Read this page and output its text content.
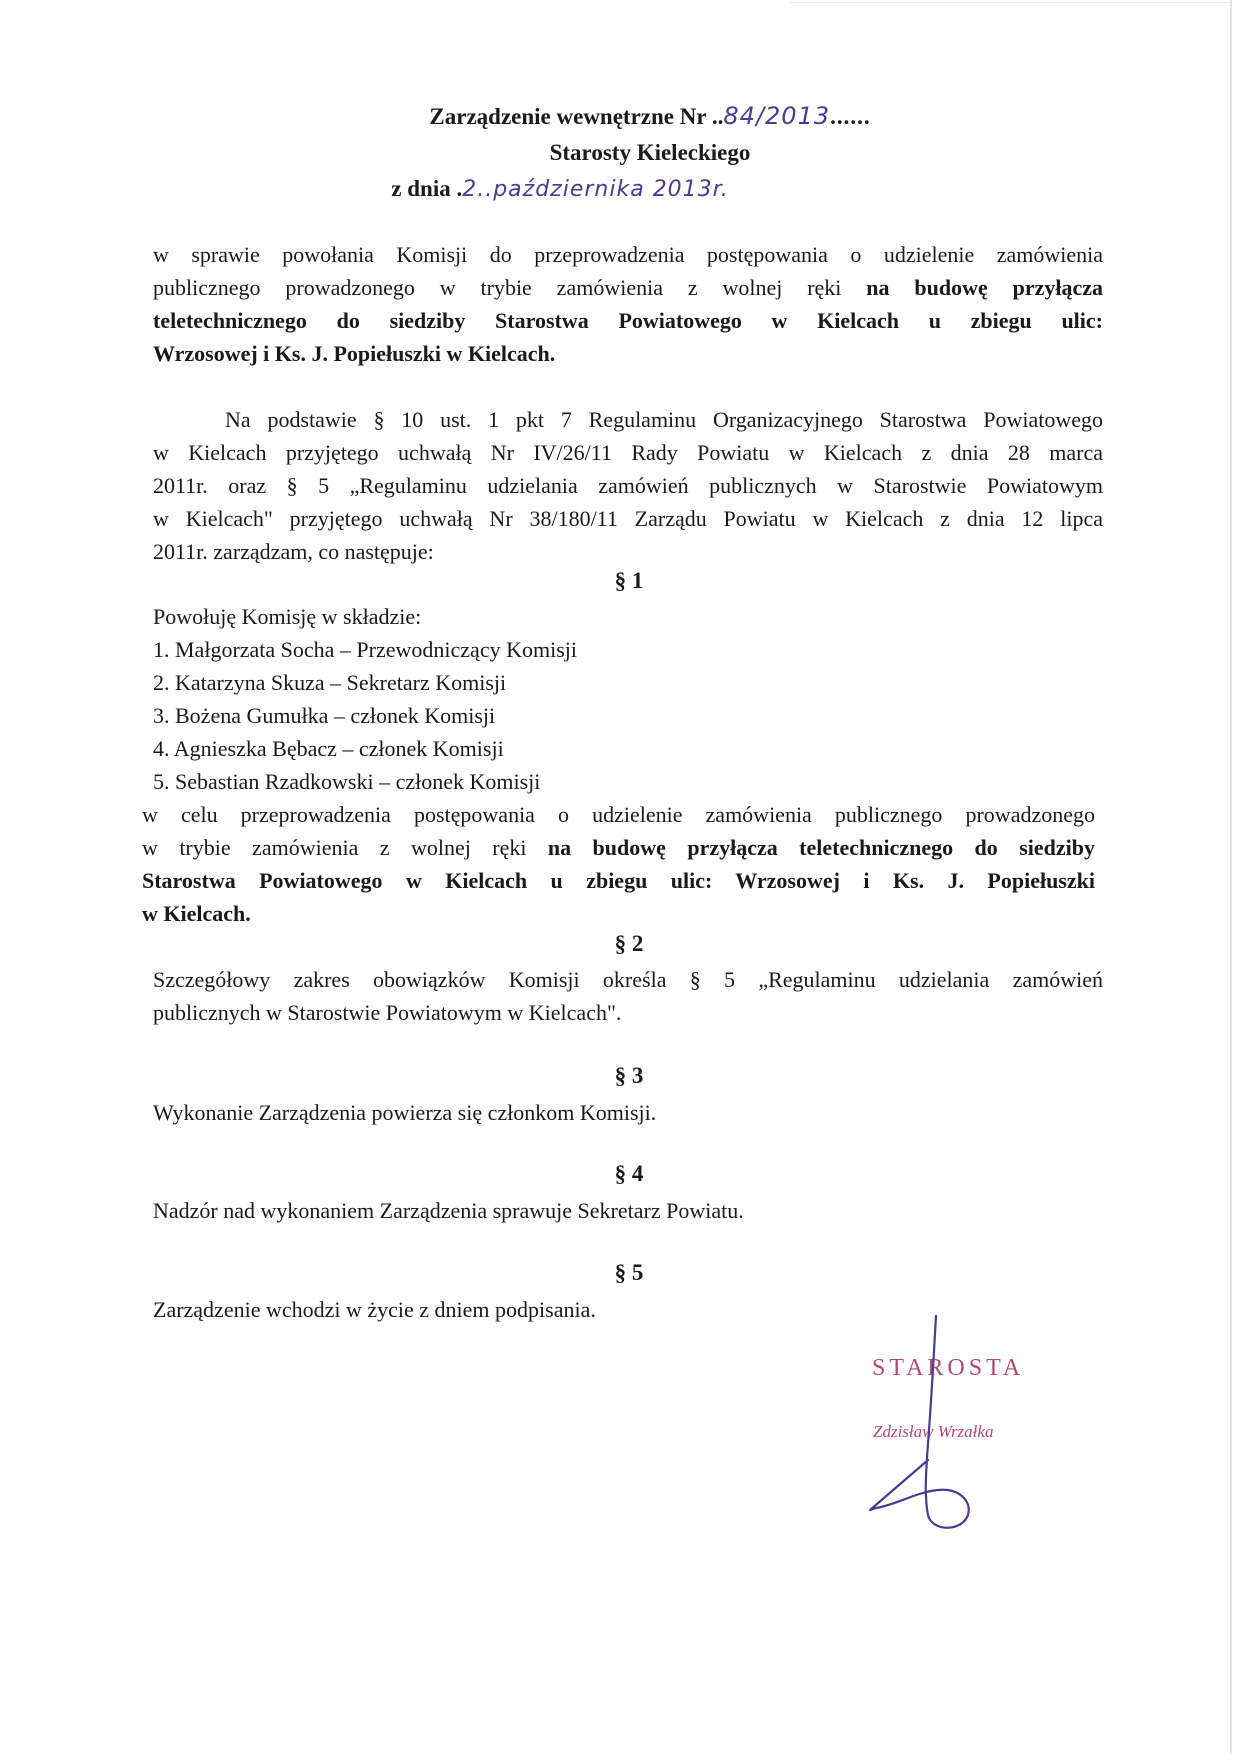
Zarządzenie wewnętrzne Nr ..84/2013......
Starosty Kieleckiego
z dnia .2..października 2013r.
w sprawie powołania Komisji do przeprowadzenia postępowania o udzielenie zamówienia
publicznego prowadzonego w trybie zamówienia z wolnej ręki na budowę przyłącza
teletechnicznego do siedziby Starostwa Powiatowego w Kielcach u zbiegu ulic:
Wrzosowej i Ks. J. Popiełuszki w Kielcach.
Na podstawie § 10 ust. 1 pkt 7 Regulaminu Organizacyjnego Starostwa Powiatowego
w Kielcach przyjętego uchwałą Nr IV/26/11 Rady Powiatu w Kielcach z dnia 28 marca
2011r. oraz § 5 „Regulaminu udzielania zamówień publicznych w Starostwie Powiatowym
w Kielcach" przyjętego uchwałą Nr 38/180/11 Zarządu Powiatu w Kielcach z dnia 12 lipca
2011r. zarządzam, co następuje:
§ 1
Powołuję Komisję w składzie:
1. Małgorzata Socha – Przewodniczący Komisji
2. Katarzyna Skuza – Sekretarz Komisji
3. Bożena Gumułka – członek Komisji
4. Agnieszka Bębacz – członek Komisji
5. Sebastian Rzadkowski – członek Komisji
w celu przeprowadzenia postępowania o udzielenie zamówienia publicznego prowadzonego
w trybie zamówienia z wolnej ręki na budowę przyłącza teletechnicznego do siedziby
Starostwa Powiatowego w Kielcach u zbiegu ulic: Wrzosowej i Ks. J. Popiełuszki
w Kielcach.
§ 2
Szczegółowy zakres obowiązków Komisji określa § 5 „Regulaminu udzielania zamówień
publicznych w Starostwie Powiatowym w Kielcach".
§ 3
Wykonanie Zarządzenia powierza się członkom Komisji.
§ 4
Nadzór nad wykonaniem Zarządzenia sprawuje Sekretarz Powiatu.
§ 5
Zarządzenie wchodzi w życie z dniem podpisania.
STAROSTA
Zdzisław Wrzałka
